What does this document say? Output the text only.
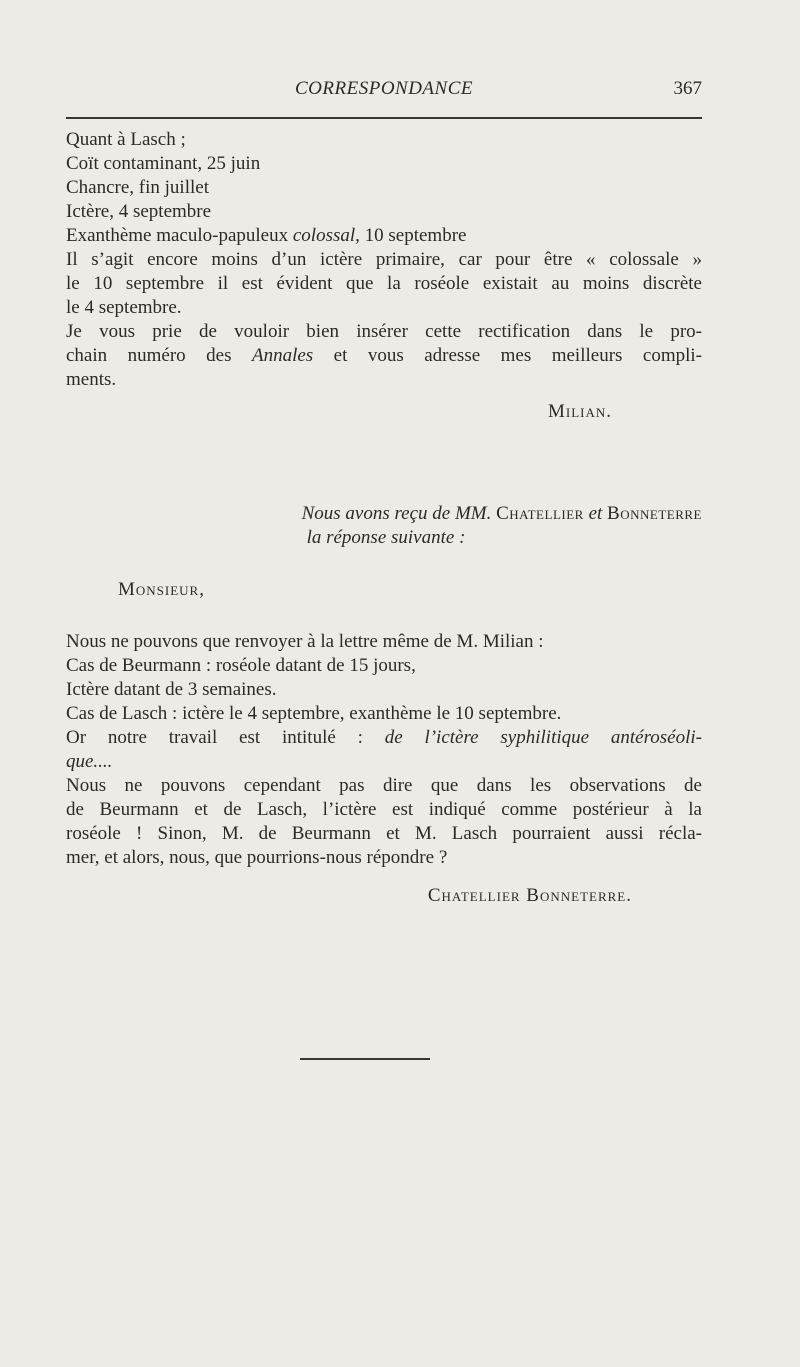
CORRESPONDANCE	367
Quant à Lasch ;
Coït contaminant, 25 juin
Chancre, fin juillet
Ictère, 4 septembre
Exanthème maculo-papuleux colossal, 10 septembre
Il s’agit encore moins d’un ictère primaire, car pour être « colossale »
le 10 septembre il est évident que la roséole existait au moins discrète
le 4 septembre.
Je vous prie de vouloir bien insérer cette rectification dans le pro-
chain numéro des Annales et vous adresse mes meilleurs compli-
ments.
Milian.
Nous avons reçu de MM. Chatellier et Bonneterre
la réponse suivante :
Monsieur,
Nous ne pouvons que renvoyer à la lettre même de M. Milian :
Cas de Beurmann : roséole datant de 15 jours,
Ictère datant de 3 semaines.
Cas de Lasch : ictère le 4 septembre, exanthème le 10 septembre.
Or notre travail est intitulé : de l’ictère syphilitique antéroséoli-
que....
Nous ne pouvons cependant pas dire que dans les observations de
de Beurmann et de Lasch, l’ictère est indiqué comme postérieur à la
roséole ! Sinon, M. de Beurmann et M. Lasch pourraient aussi récla-
mer, et alors, nous, que pourrions-nous répondre ?
Chatellier Bonneterre.
